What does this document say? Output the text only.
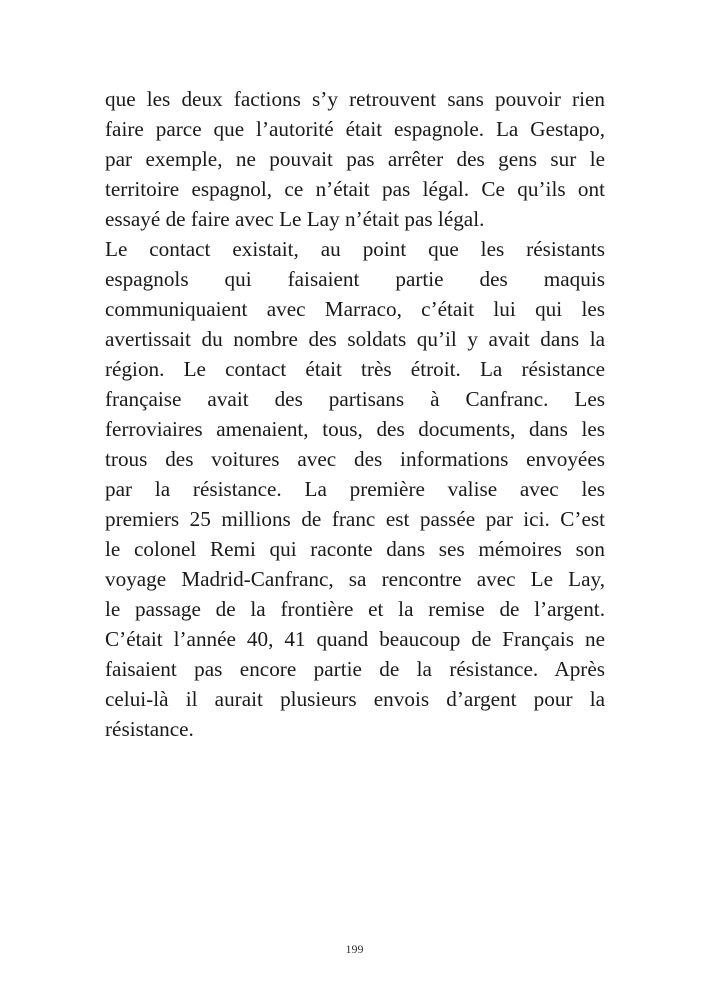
que les deux factions s’y retrouvent sans pouvoir rien
faire parce que l’autorité était espagnole. La Gestapo,
par exemple, ne pouvait pas arrêter des gens sur le
territoire espagnol, ce n’était pas légal. Ce qu’ils ont
essayé de faire avec Le Lay n’était pas légal.
Le contact existait, au point que les résistants
espagnols qui faisaient partie des maquis
communiquaient avec Marraco, c’était lui qui les
avertissait du nombre des soldats qu’il y avait dans la
région. Le contact était très étroit. La résistance
française avait des partisans à Canfranc. Les
ferroviaires amenaient, tous, des documents, dans les
trous des voitures avec des informations envoyées
par la résistance. La première valise avec les
premiers 25 millions de franc est passée par ici. C’est
le colonel Remi qui raconte dans ses mémoires son
voyage Madrid-Canfranc, sa rencontre avec Le Lay,
le passage de la frontière et la remise de l’argent.
C’était l’année 40, 41 quand beaucoup de Français ne
faisaient pas encore partie de la résistance. Après
celui-là il aurait plusieurs envois d’argent pour la
résistance.
199
